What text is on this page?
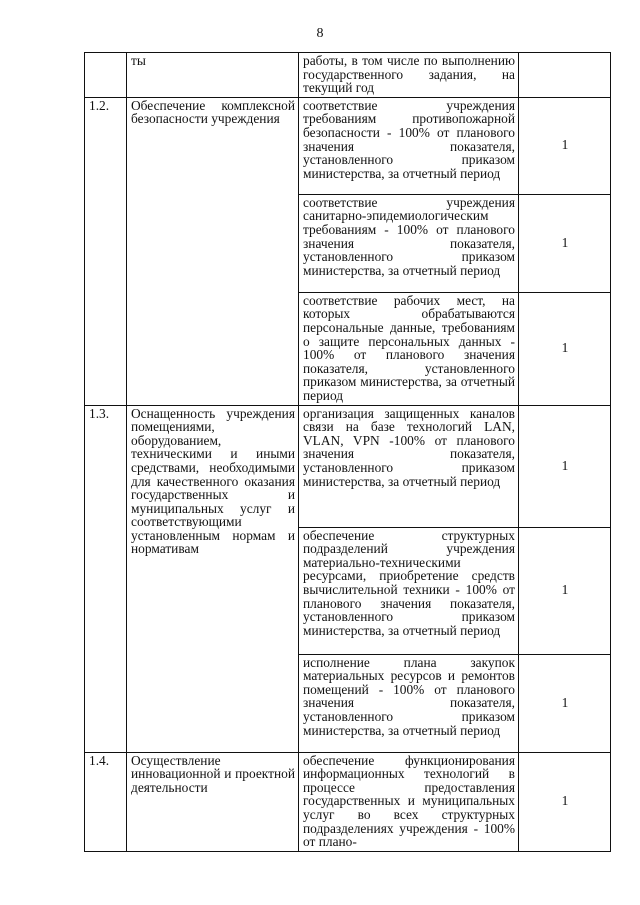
8
	ты	работы, в том числе по выполнению государственного задания, на текущий год	
1.2.	Обеспечение комплексной безопасности учреждения	соответствие учреждения требованиям противопожарной безопасности - 100% от планового значения показателя, установленного приказом министерства, за отчетный период	1
		соответствие учреждения санитарно-эпидемиологическим требованиям - 100% от планового значения показателя, установленного приказом министерства, за отчетный период	1
		соответствие рабочих мест, на которых обрабатываются персональные данные, требованиям о защите персональных данных - 100% от планового значения показателя, установленного приказом министерства, за отчетный период	1
1.3.	Оснащенность учреждения помещениями, оборудованием, техническими и иными средствами, необходимыми для качественного оказания государственных и муниципальных услуг и соответствующими установленным нормам и нормативам	организация защищенных каналов связи на базе технологий LAN, VLAN, VPN -100% от планового значения показателя, установленного приказом министерства, за отчетный период	1
		обеспечение структурных подразделений учреждения материально-техническими ресурсами, приобретение средств вычислительной техники - 100% от планового значения показателя, установленного приказом министерства, за отчетный период	1
		исполнение плана закупок материальных ресурсов и ремонтов помещений - 100% от планового значения показателя, установленного приказом министерства, за отчетный период	1
1.4.	Осуществление инновационной и проектной деятельности	обеспечение функционирования информационных технологий в процессе предоставления государственных и муниципальных услуг во всех структурных подразделениях учреждения - 100% от плано-	1
